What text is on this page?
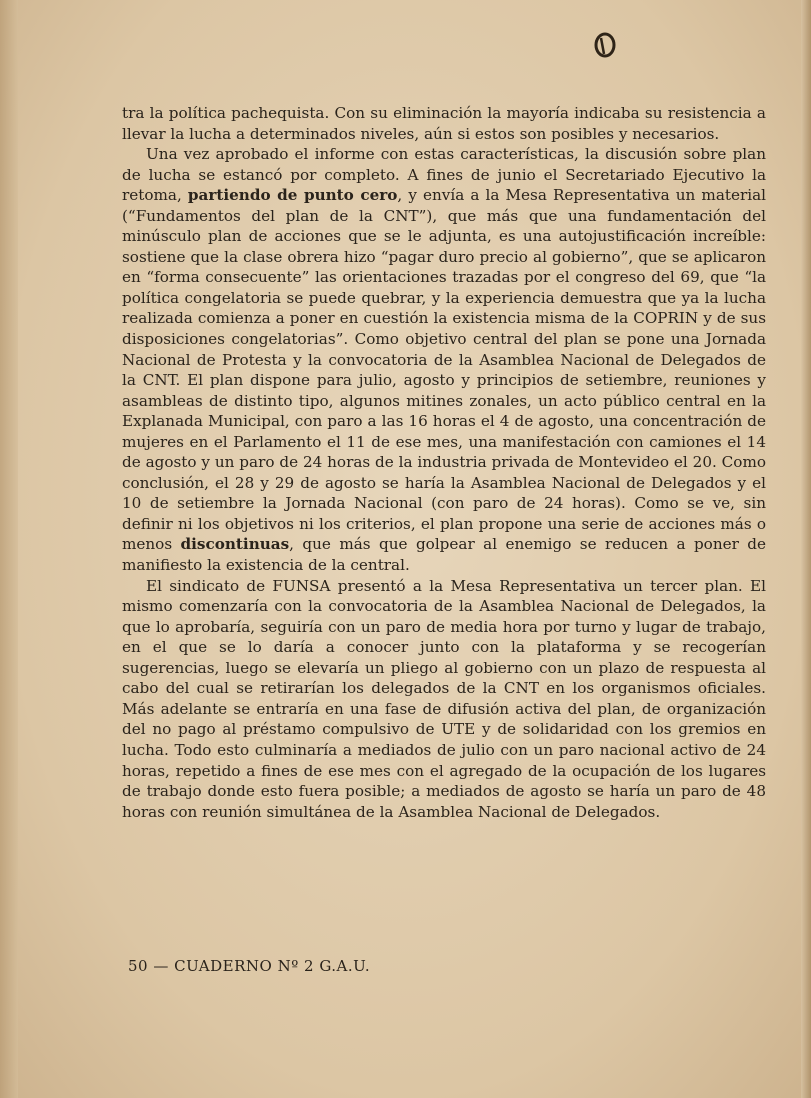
tra la política pachequista. Con su eliminación la mayoría indicaba su resistencia a llevar la lucha a determinados niveles, aún si estos son posibles y necesarios.

Una vez aprobado el informe con estas características, la discusión sobre plan de lucha se estancó por completo. A fines de junio el Secretariado Ejecutivo la retoma, partiendo de punto cero, y envía a la Mesa Representativa un material (“Fundamentos del plan de la CNT”), que más que una fundamentación del minúsculo plan de acciones que se le adjunta, es una autojustificación increíble: sostiene que la clase obrera hizo “pagar duro precio al gobierno”, que se aplicaron en “forma consecuente” las orientaciones trazadas por el congreso del 69, que “la política congelatoria se puede quebrar, y la experiencia demuestra que ya la lucha realizada comienza a poner en cuestión la existencia misma de la COPRIN y de sus disposiciones congelatorias”. Como objetivo central del plan se pone una Jornada Nacional de Protesta y la convocatoria de la Asamblea Nacional de Delegados de la CNT. El plan dispone para julio, agosto y principios de setiembre, reuniones y asambleas de distinto tipo, algunos mitines zonales, un acto público central en la Explanada Municipal, con paro a las 16 horas el 4 de agosto, una concentración de mujeres en el Parlamento el 11 de ese mes, una manifestación con camiones el 14 de agosto y un paro de 24 horas de la industria privada de Montevideo el 20. Como conclusión, el 28 y 29 de agosto se haría la Asamblea Nacional de Delegados y el 10 de setiembre la Jornada Nacional (con paro de 24 horas). Como se ve, sin definir ni los objetivos ni los criterios, el plan propone una serie de acciones más o menos discontinuas, que más que golpear al enemigo se reducen a poner de manifiesto la existencia de la central.

El sindicato de FUNSA presentó a la Mesa Representativa un tercer plan. El mismo comenzaría con la convocatoria de la Asamblea Nacional de Delegados, la que lo aprobaría, seguiría con un paro de media hora por turno y lugar de trabajo, en el que se lo daría a conocer junto con la plataforma y se recogerían sugerencias, luego se elevaría un pliego al gobierno con un plazo de respuesta al cabo del cual se retirarían los delegados de la CNT en los organismos oficiales. Más adelante se entraría en una fase de difusión activa del plan, de organización del no pago al préstamo compulsivo de UTE y de solidaridad con los gremios en lucha. Todo esto culminaría a mediados de julio con un paro nacional activo de 24 horas, repetido a fines de ese mes con el agregado de la ocupación de los lugares de trabajo donde esto fuera posible; a mediados de agosto se haría un paro de 48 horas con reunión simultánea de la Asamblea Nacional de Delegados.

50 — CUADERNO Nº 2 G.A.U.
